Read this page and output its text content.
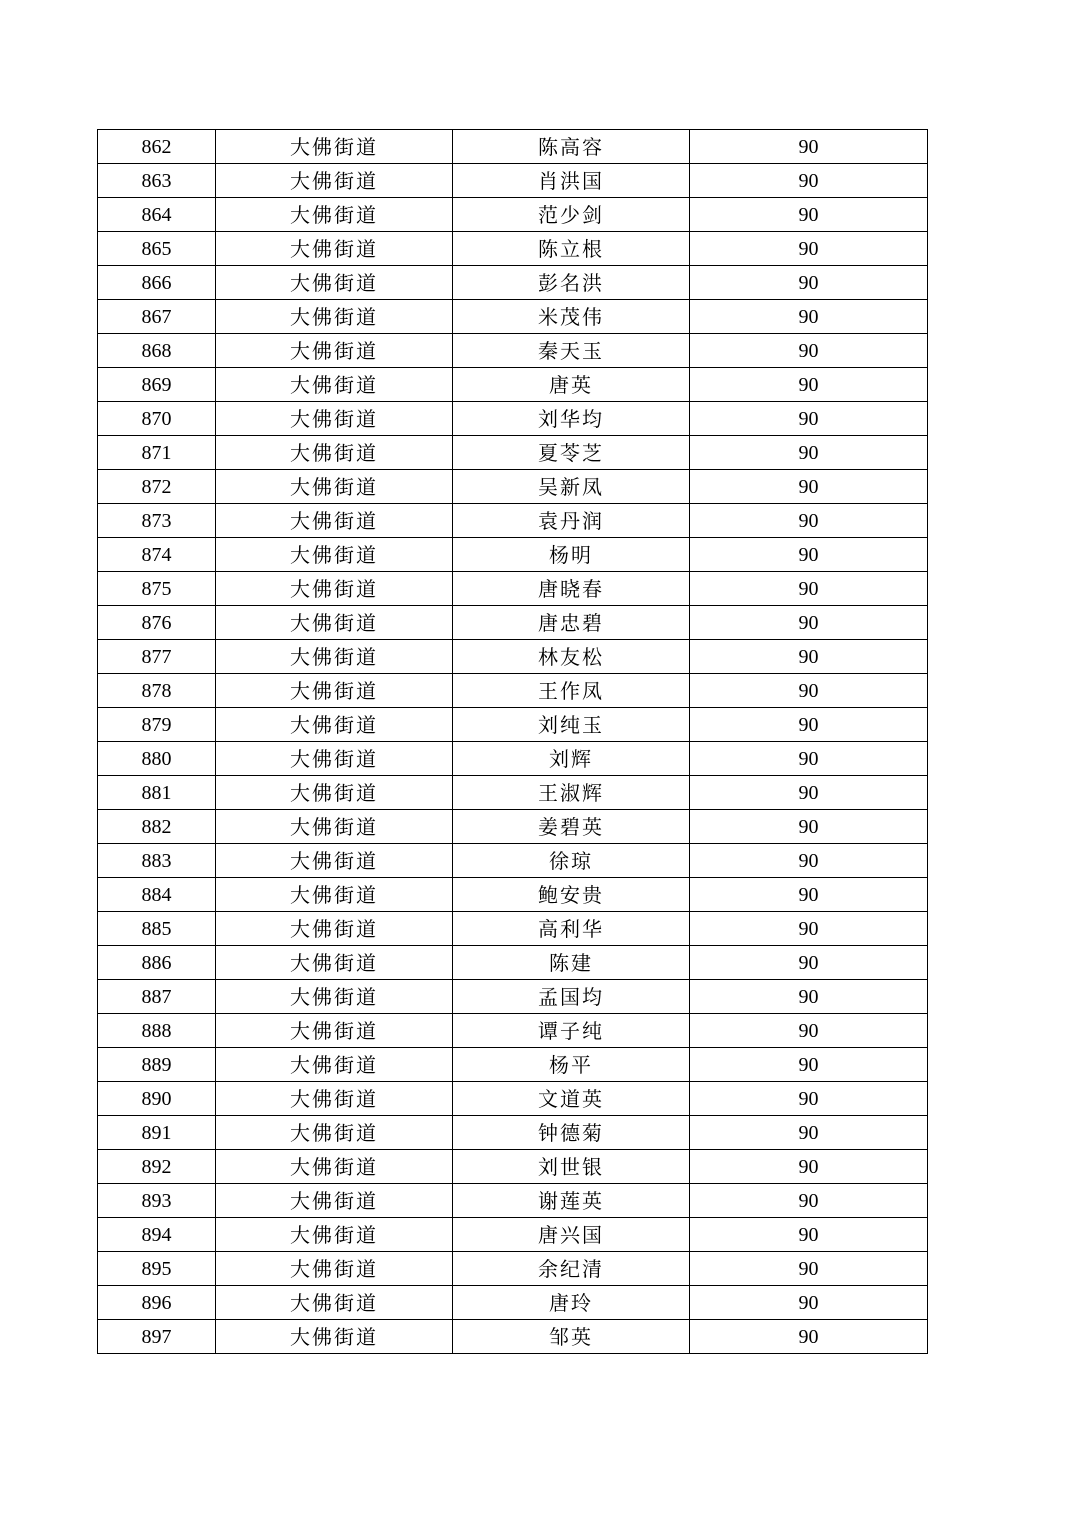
862	大佛街道	陈高容	90
863	大佛街道	肖洪国	90
864	大佛街道	范少剑	90
865	大佛街道	陈立根	90
866	大佛街道	彭名洪	90
867	大佛街道	米茂伟	90
868	大佛街道	秦天玉	90
869	大佛街道	唐英	90
870	大佛街道	刘华均	90
871	大佛街道	夏苓芝	90
872	大佛街道	吴新凤	90
873	大佛街道	袁丹润	90
874	大佛街道	杨明	90
875	大佛街道	唐晓春	90
876	大佛街道	唐忠碧	90
877	大佛街道	林友松	90
878	大佛街道	王作凤	90
879	大佛街道	刘纯玉	90
880	大佛街道	刘辉	90
881	大佛街道	王淑辉	90
882	大佛街道	姜碧英	90
883	大佛街道	徐琼	90
884	大佛街道	鲍安贵	90
885	大佛街道	高利华	90
886	大佛街道	陈建	90
887	大佛街道	孟国均	90
888	大佛街道	谭子纯	90
889	大佛街道	杨平	90
890	大佛街道	文道英	90
891	大佛街道	钟德菊	90
892	大佛街道	刘世银	90
893	大佛街道	谢莲英	90
894	大佛街道	唐兴国	90
895	大佛街道	余纪清	90
896	大佛街道	唐玲	90
897	大佛街道	邹英	90
